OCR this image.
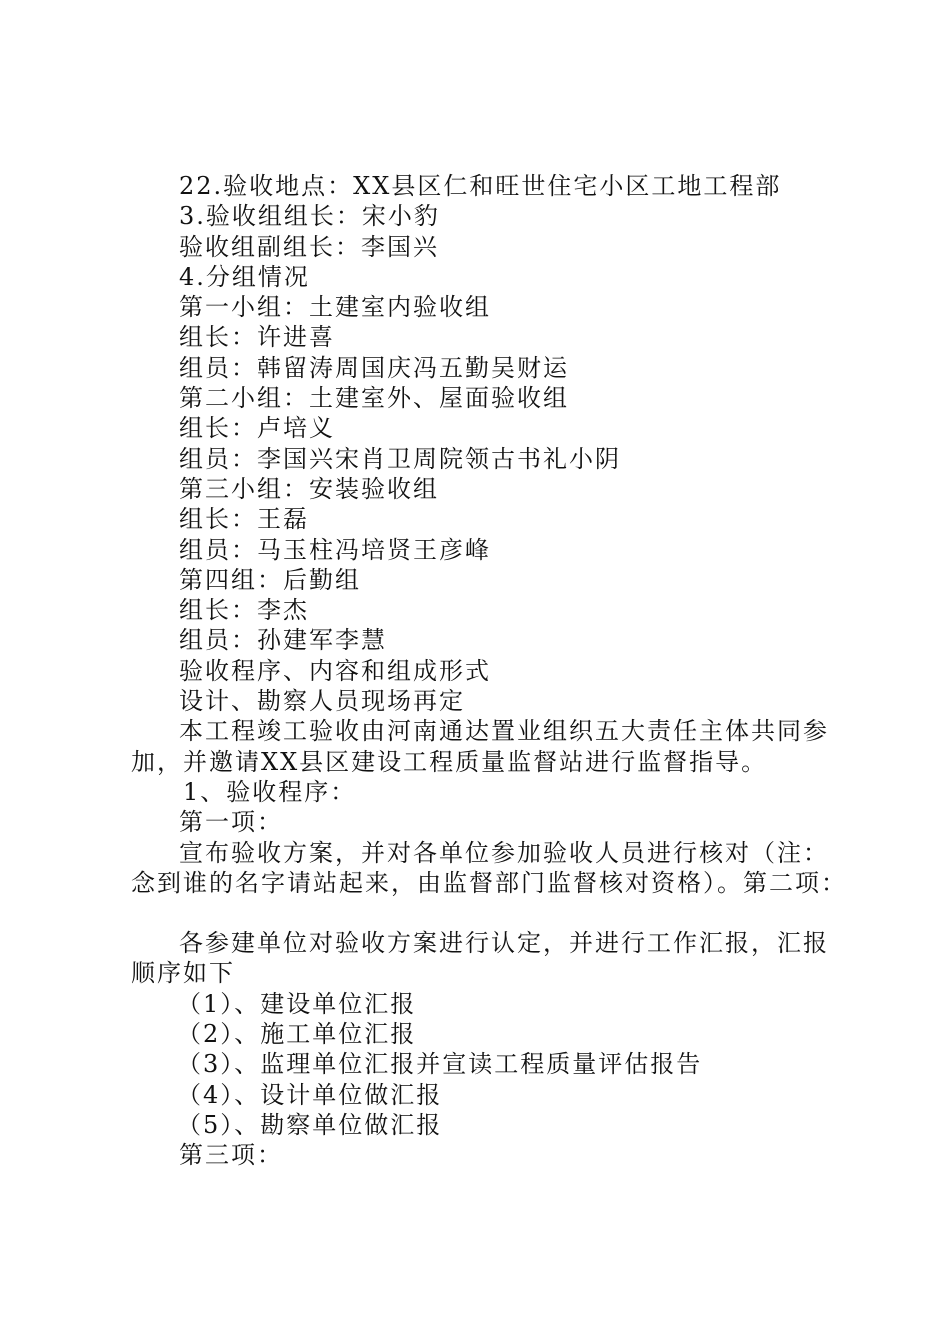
22.验收地点：XX县区仁和旺世住宅小区工地工程部
3.验收组组长：宋小豹
验收组副组长：李国兴
4.分组情况
第一小组：土建室内验收组
组长：许进喜
组员：韩留涛周国庆冯五勤吴财运
第二小组：土建室外、屋面验收组
组长：卢培义
组员：李国兴宋肖卫周院领古书礼小阴
第三小组：安装验收组
组长：王磊
组员：马玉柱冯培贤王彦峰
第四组：后勤组
组长：李杰
组员：孙建军李慧
验收程序、内容和组成形式
设计、勘察人员现场再定
本工程竣工验收由河南通达置业组织五大责任主体共同参
加，并邀请XX县区建设工程质量监督站进行监督指导。
1、验收程序：
第一项：
宣布验收方案，并对各单位参加验收人员进行核对（注：
念到谁的名字请站起来，由监督部门监督核对资格）。第二项：
各参建单位对验收方案进行认定，并进行工作汇报，汇报
顺序如下
（1）、建设单位汇报
（2）、施工单位汇报
（3）、监理单位汇报并宣读工程质量评估报告
（4）、设计单位做汇报
（5）、勘察单位做汇报
第三项：
